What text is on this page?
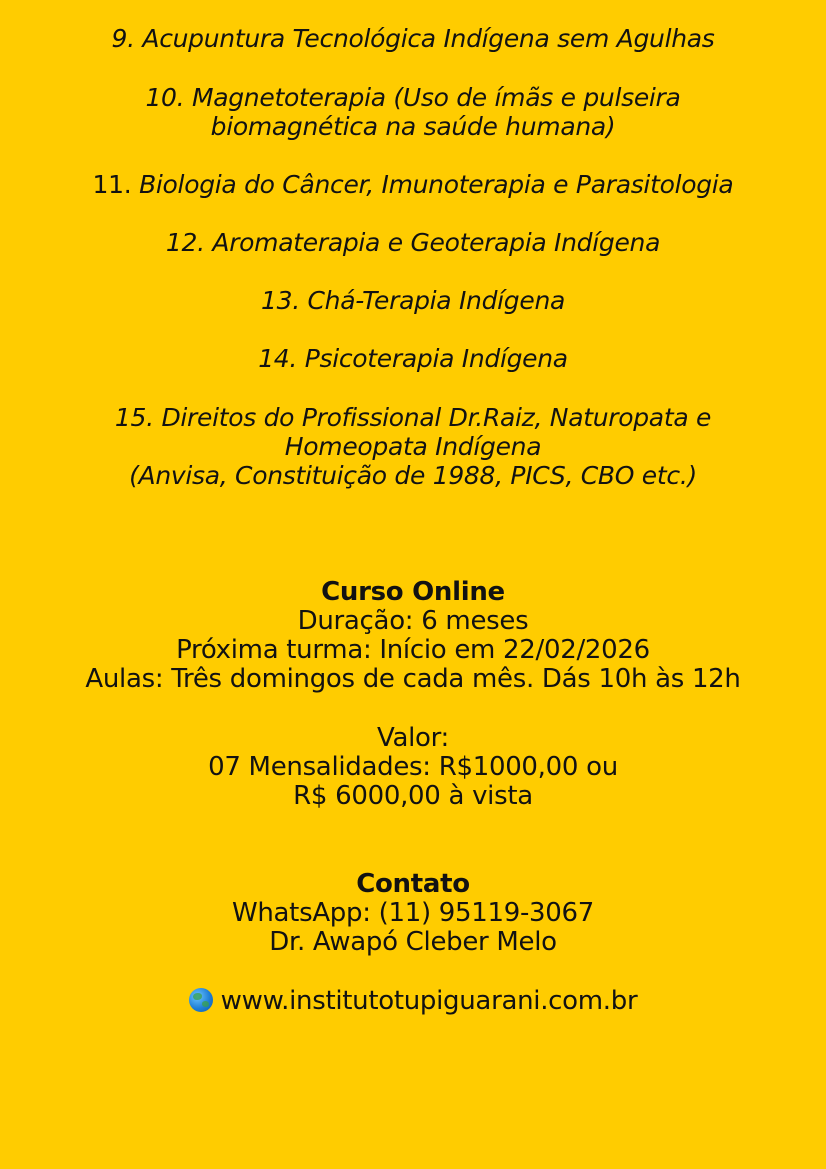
9. Acupuntura Tecnológica Indígena sem Agulhas

10. Magnetoterapia (Uso de ímãs e pulseira
biomagnética na saúde humana)

11. Biologia do Câncer, Imunoterapia e Parasitologia

12. Aromaterapia e Geoterapia Indígena

13. Chá-Terapia Indígena

14. Psicoterapia Indígena

15. Direitos do Profissional Dr.Raiz, Naturopata e
Homeopata Indígena
(Anvisa, Constituição de 1988, PICS, CBO etc.)

Curso Online
Duração: 6 meses
Próxima turma: Início em 22/02/2026
Aulas: Três domingos de cada mês. Dás 10h às 12h
Valor:
07 Mensalidades: R$1000,00 ou
R$ 6000,00 à vista
Contato
WhatsApp: (11) 95119-3067
Dr. Awapó Cleber Melo
www.institutotupiguarani.com.br
